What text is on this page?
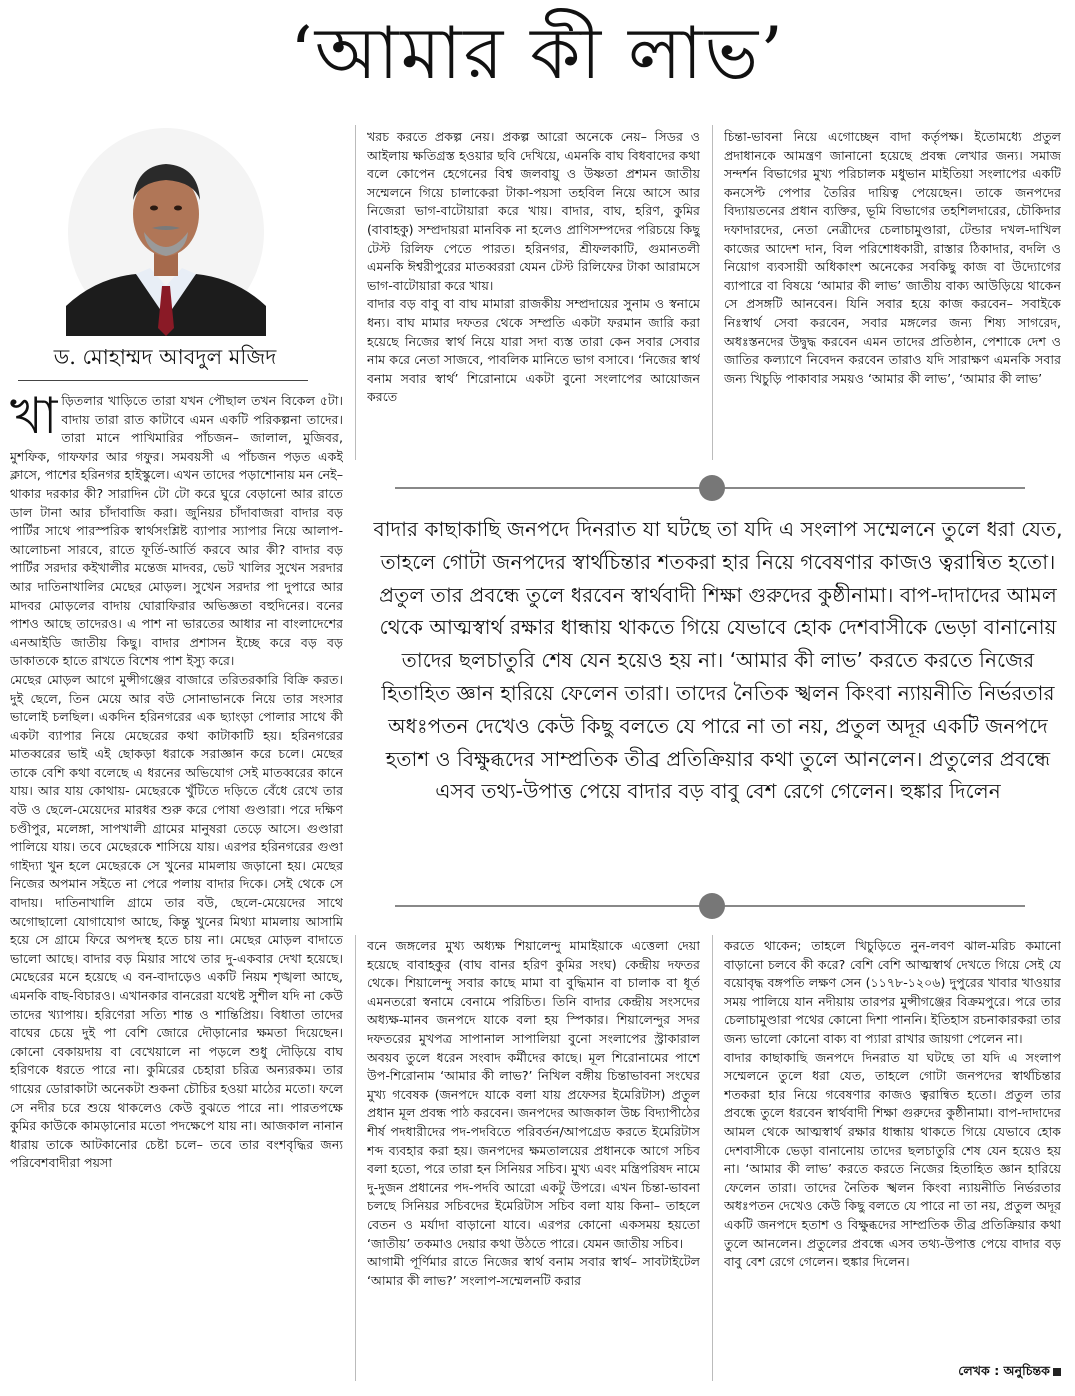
‘আমার কী লাভ’
ড. মোহাম্মদ আবদুল মজিদ
খা ড়িতলার খাড়িতে তারা যখন পৌছাল তখন বিকেল ৫টা। বাদায় তারা রাত কাটাবে এমন একটি পরিকল্পনা তাদের। তারা মানে পাখিমারির পাঁচজন– জালাল, মুজিবর, মুশফিক, গাফফার আর গফুর। সমবয়সী এ পাঁচজন পড়ত একই ক্লাসে, পাশের হরিনগর হাইস্কুলে। এখন তাদের পড়াশোনায় মন নেই– থাকার দরকার কী? সারাদিন টো টো করে ঘুরে বেড়ানো আর রাতে ডাল টানা আর চাঁদাবাজি করা। জুনিয়র চাঁদাবাজরা বাদার বড় পার্টির সাথে পারস্পরিক স্বার্থসংশ্লিষ্ট ব্যাপার স্যাপার নিয়ে আলাপ-আলোচনা সারবে, রাতে ফূর্তি-আর্তি করবে আর কী? বাদার বড় পার্টির সরদার কইখালীর মন্তেজ মাদবর, ভেট খালির সুখেন সরদার আর দাতিনাখালির মেছের মোড়ল। সুখেন সরদার পা দুপারে আর মাদবর মোড়লের বাদায় ঘোরাফিরার অভিজ্ঞতা বহুদিনের। বনের পাশও আছে তাদেরও। এ পাশ না ভারতের আধার না বাংলাদেশের এনআইডি জাতীয় কিছু। বাদার প্রশাসন ইচ্ছে করে বড় বড় ডাকাতকে হাতে রাখতে বিশেষ পাশ ইস্যু করে।
মেছের মোড়ল আগে মুন্সীগঞ্জের বাজারে তরিতরকারি বিক্রি করত। দুই ছেলে, তিন মেয়ে আর বউ সোনাভানকে নিয়ে তার সংসার ভালোই চলছিল। একদিন হরিনগরের এক ছ্যাংড়া পোলার সাথে কী একটা ব্যাপার নিয়ে মেছেরের কথা কাটাকাটি হয়। হরিনগরের মাতব্বরের ভাই এই ছোকড়া ধরাকে সরাজ্ঞান করে চলে। মেছের তাকে বেশি কথা বলেছে এ ধরনের অভিযোগ সেই মাতব্বরের কানে যায়। আর যায় কোথায়- মেছেরকে খুঁটিতে দড়িতে বেঁধে রেখে তার বউ ও ছেলে-মেয়েদের মারধর শুরু করে পোষা গুণ্ডারা। পরে দক্ষিণ চণ্ডীপুর, মলেঙ্গা, সাপখালী গ্রামের মানুষরা তেড়ে আসে। গুণ্ডারা পালিয়ে যায়। তবে মেছেরকে শাসিয়ে যায়। এরপর হরিনগরের গুণ্ডা গাইদ্যা খুন হলে মেছেরকে সে খুনের মামলায় জড়ানো হয়। মেছের নিজের অপমান সইতে না পেরে পলায় বাদার দিকে। সেই থেকে সে বাদায়। দাতিনাখালি গ্রামে তার বউ, ছেলে-মেয়েদের সাথে অগোছালো যোগাযোগ আছে, কিন্তু খুনের মিথ্যা মামলায় আসামি হয়ে সে গ্রামে ফিরে অপদস্থ হতে চায় না। মেছের মোড়ল বাদাতে ভালো আছে। বাদার বড় মিয়ার সাথে তার দু-একবার দেখা হয়েছে। মেছেরের মনে হয়েছে এ বন-বাদাড়েও একটি নিয়ম শৃঙ্খলা আছে, এমনকি বাছ-বিচারও। এখানকার বানরেরা যথেষ্ট সুশীল যদি না কেউ তাদের খ্যাপায়। হরিণেরা সত্যি শান্ত ও শান্তিপ্রিয়। বিধাতা তাদের বাঘের চেয়ে দুই পা বেশি জোরে দৌড়ানোর ক্ষমতা দিয়েছেন। কোনো বেকায়দায় বা বেখেয়ালে না পড়লে শুধু দৌড়িয়ে বাঘ হরিণকে ধরতে পারে না। কুমিরের চেহারা চরিত্র অন্যরকম। তার গায়ের ডোরাকাটা অনেকটা শুকনা চৌচির হওয়া মাঠের মতো। ফলে সে নদীর চরে শুয়ে থাকলেও কেউ বুঝতে পারে না। পারতপক্ষে কুমির কাউকে কামড়ানোর মতো পদক্ষেপে যায় না। আজকাল নানান ধারায় তাকে আটকানোর চেষ্টা চলে– তবে তার বংশবৃদ্ধির জন্য পরিবেশবাদীরা পয়সা
খরচ করতে প্রকল্প নেয়। প্রকল্প আরো অনেকে নেয়– সিডর ও আইলায় ক্ষতিগ্রস্ত হওয়ার ছবি দেখিয়ে, এমনকি বাঘ বিধবাদের কথা বলে কোপেন হেগেনের বিশ্ব জলবায়ু ও উষ্ণতা প্রশমন জাতীয় সম্মেলনে গিয়ে চালাকেরা টাকা-পয়সা তহবিল নিয়ে আসে আর নিজেরা ভাগ-বাটোয়ারা করে খায়। বাদার, বাঘ, হরিণ, কুমির (বাবাহকু) সম্প্রদায়রা মানবিক না হলেও প্রাণিসম্পদের পরিচয়ে কিছু টেস্ট রিলিফ পেতে পারত। হরিনগর, শ্রীফলকাটি, গুমানতলী এমনকি ঈশ্বরীপুরের মাতব্বররা যেমন টেস্ট রিলিফের টাকা আরামসে ভাগ-বাটোয়ারা করে খায়।
বাদার বড় বাবু বা বাঘ মামারা রাজকীয় সম্প্রদায়ের সুনাম ও স্বনামে ধন্য। বাঘ মামার দফতর থেকে সম্প্রতি একটা ফরমান জারি করা হয়েছে নিজের স্বার্থ নিয়ে যারা সদা ব্যস্ত তারা কেন সবার সেবার নাম করে নেতা সাজবে, পাবলিক মানিতে ভাগ বসাবে। ‘নিজের স্বার্থ বনাম সবার স্বার্থ’ শিরোনামে একটা বুনো সংলাপের আয়োজন করতে
চিন্তা-ভাবনা নিয়ে এগোচ্ছেন বাদা কর্তৃপক্ষ। ইতোমধ্যে প্রতুল প্রদাধানকে আমন্ত্রণ জানানো হয়েছে প্রবন্ধ লেখার জন্য। সমাজ সন্দর্শন বিভাগের মুখ্য পরিচালক মধুভান মাইতিয়া সংলাপের একটি কনসেপ্ট পেপার তৈরির দায়িত্ব পেয়েছেন। তাকে জনপদের বিদ্যায়তনের প্রধান ব্যক্তির, ভূমি বিভাগের তহশিলদারের, চৌকিদার দফাদারদের, নেতা নেত্রীদের চেলাচামুণ্ডারা, টেন্ডার দখল-দাখিল কাজের আদেশ দান, বিল পরিশোধকারী, রাস্তার ঠিকাদার, বদলি ও নিয়োগ ব্যবসায়ী অধিকাংশ অনেকের সবকিছু কাজ বা উদ্যোগের ব্যাপারে বা বিষয়ে ‘আমার কী লাভ’ জাতীয় বাক্য আউড়িয়ে থাকেন সে প্রসঙ্গটি আনবেন। যিনি সবার হয়ে কাজ করবেন– সবাইকে নিঃস্বার্থ সেবা করবেন, সবার মঙ্গলের জন্য শিষ্য সাগরেদ, অধঃস্তনদের উদ্বুদ্ধ করবেন এমন তাদের প্রতিষ্ঠান, পেশাকে দেশ ও জাতির কল্যাণে নিবেদন করবেন তারাও যদি সারাক্ষণ এমনকি সবার জন্য খিচুড়ি পাকাবার সময়ও ‘আমার কী লাভ’, ‘আমার কী লাভ’
বাদার কাছাকাছি জনপদে দিনরাত যা ঘটছে তা যদি এ সংলাপ সম্মেলনে তুলে ধরা যেত, তাহলে গোটা জনপদের স্বার্থচিন্তার শতকরা হার নিয়ে গবেষণার কাজও ত্বরান্বিত হতো। প্রতুল তার প্রবন্ধে তুলে ধরবেন স্বার্থবাদী শিক্ষা গুরুদের কুষ্ঠীনামা। বাপ-দাদাদের আমল থেকে আত্মস্বার্থ রক্ষার ধান্ধায় থাকতে গিয়ে যেভাবে হোক দেশবাসীকে ভেড়া বানানোয় তাদের ছলচাতুরি শেষ যেন হয়েও হয় না। ‘আমার কী লাভ’ করতে করতে নিজের হিতাহিত জ্ঞান হারিয়ে ফেলেন তারা। তাদের নৈতিক স্খলন কিংবা ন্যায়নীতি নির্ভরতার অধঃপতন দেখেও কেউ কিছু বলতে যে পারে না তা নয়, প্রতুল অদূর একটি জনপদে হতাশ ও বিক্ষুব্ধদের সাম্প্রতিক তীব্র প্রতিক্রিয়ার কথা তুলে আনলেন। প্রতুলের প্রবন্ধে এসব তথ্য-উপাত্ত পেয়ে বাদার বড় বাবু বেশ রেগে গেলেন। হুঙ্কার দিলেন
বনে জঙ্গলের মুখ্য অধ্যক্ষ শিয়ালেন্দু মামাইয়াকে এত্তেলা দেয়া হয়েছে বাবাহকুর (বাঘ বানর হরিণ কুমির সংঘ) কেন্দ্রীয় দফতর থেকে। শিয়ালেন্দু সবার কাছে মামা বা বুদ্ধিমান বা চালাক বা ধূর্ত এমনতরো স্বনামে বেনামে পরিচিত। তিনি বাদার কেন্দ্রীয় সংসদের অধ্যক্ষ-মানব জনপদে যাকে বলা হয় স্পিকার। শিয়ালেন্দুর সদর দফতরের মুখপত্র সাপানাল সাপালিয়া বুনো সংলাপের স্ট্রাকারাল অবয়ব তুলে ধরেন সংবাদ কর্মীদের কাছে। মূল শিরোনামের পাশে উপ-শিরোনাম ‘আমার কী লাভ?’ নিখিল বঙ্গীয় চিন্তাভাবনা সংঘের মুখ্য গবেষক (জনপদে যাকে বলা যায় প্রফেসর ইমেরিটাস) প্রতুল প্রধান মূল প্রবন্ধ পাঠ করবেন। জনপদের আজকাল উচ্চ বিদ্যাপীঠের শীর্ষ পদধারীদের পদ-পদবিতে পরিবর্তন/আপগ্রেড করতে ইমেরিটাস শব্দ ব্যবহার করা হয়। জনপদের ক্ষমতালয়ের প্রধানকে আগে সচিব বলা হতো, পরে তারা হন সিনিয়র সচিব। মুখ্য এবং মন্ত্রিপরিষদ নামে দু-দুজন প্রধানের পদ-পদবি আরো একটু উপরে। এখন চিন্তা-ভাবনা চলছে সিনিয়র সচিবদের ইমেরিটাস সচিব বলা যায় কিনা– তাহলে বেতন ও মর্যাদা বাড়ানো যাবে। এরপর কোনো একসময় হয়তো ‘জাতীয়’ তকমাও দেয়ার কথা উঠতে পারে। যেমন জাতীয় সচিব।
আগামী পূর্ণিমার রাতে নিজের স্বার্থ বনাম সবার স্বার্থ– সাবটাইটেল ‘আমার কী লাভ?’ সংলাপ-সম্মেলনটি করার
করতে থাকেন; তাহলে খিচুড়িতে নুন-লবণ ঝাল-মরিচ কমানো বাড়ানো চলবে কী করে? বেশি বেশি আত্মস্বার্থ দেখতে গিয়ে সেই যে বয়োবৃদ্ধ বঙ্গপতি লক্ষণ সেন (১১৭৮-১২০৬) দুপুরের খাবার খাওয়ার সময় পালিয়ে যান নদীয়ায় তারপর মুন্সীগঞ্জের বিক্রমপুরে। পরে তার চেলাচামুণ্ডারা পথের কোনো দিশা পাননি। ইতিহাস রচনাকারকরা তার জন্য ভালো কোনো বাক্য বা প্যারা রাখার জায়গা পেলেন না।
বাদার কাছাকাছি জনপদে দিনরাত যা ঘটছে তা যদি এ সংলাপ সম্মেলনে তুলে ধরা যেত, তাহলে গোটা জনপদের স্বার্থচিন্তার শতকরা হার নিয়ে গবেষণার কাজও ত্বরান্বিত হতো। প্রতুল তার প্রবন্ধে তুলে ধরবেন স্বার্থবাদী শিক্ষা গুরুদের কুষ্ঠীনামা। বাপ-দাদাদের আমল থেকে আত্মস্বার্থ রক্ষার ধান্ধায় থাকতে গিয়ে যেভাবে হোক দেশবাসীকে ভেড়া বানানোয় তাদের ছলচাতুরি শেষ যেন হয়েও হয় না। ‘আমার কী লাভ’ করতে করতে নিজের হিতাহিত জ্ঞান হারিয়ে ফেলেন তারা। তাদের নৈতিক স্খলন কিংবা ন্যায়নীতি নির্ভরতার অধঃপতন দেখেও কেউ কিছু বলতে যে পারে না তা নয়, প্রতুল অদূর একটি জনপদে হতাশ ও বিক্ষুব্ধদের সাম্প্রতিক তীব্র প্রতিক্রিয়ার কথা তুলে আনলেন। প্রতুলের প্রবন্ধে এসব তথ্য-উপাত্ত পেয়ে বাদার বড় বাবু বেশ রেগে গেলেন। হুঙ্কার দিলেন।
লেখক : অনুচিন্তক
